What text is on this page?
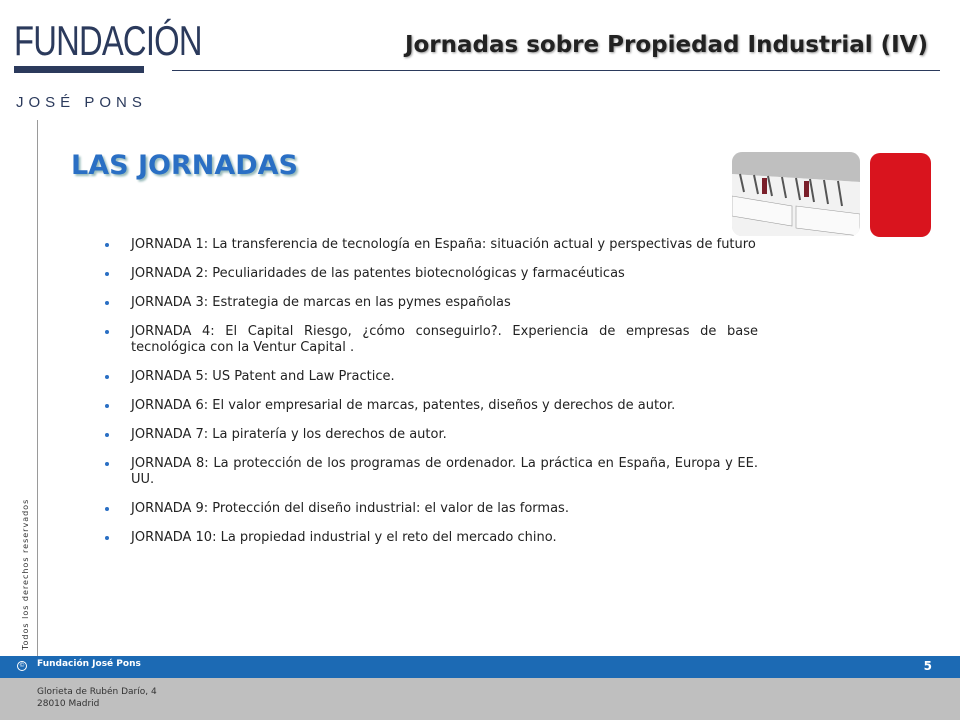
FUNDACIÓN
JOSÉ PONS
Jornadas sobre Propiedad Industrial (IV)
Todos los derechos reservados
LAS JORNADAS
JORNADA 1: La transferencia de tecnología en España: situación actual y perspectivas de futuro
JORNADA 2: Peculiaridades de las patentes biotecnológicas y farmacéuticas
JORNADA 3: Estrategia de marcas en las pymes españolas
JORNADA 4: El Capital Riesgo, ¿cómo conseguirlo?. Experiencia de empresas de base tecnológica con la Ventur Capital .
JORNADA 5: US Patent and Law Practice.
JORNADA 6: El valor empresarial de marcas, patentes, diseños y derechos de autor.
JORNADA 7: La piratería y los derechos de autor.
JORNADA 8: La protección de los programas de ordenador. La práctica en España, Europa y EE. UU.
JORNADA 9: Protección del diseño industrial: el valor de las formas.
JORNADA 10: La propiedad industrial y el reto del mercado chino.
© Fundación José Pons	5
Glorieta de Rubén Darío, 4
28010 Madrid
